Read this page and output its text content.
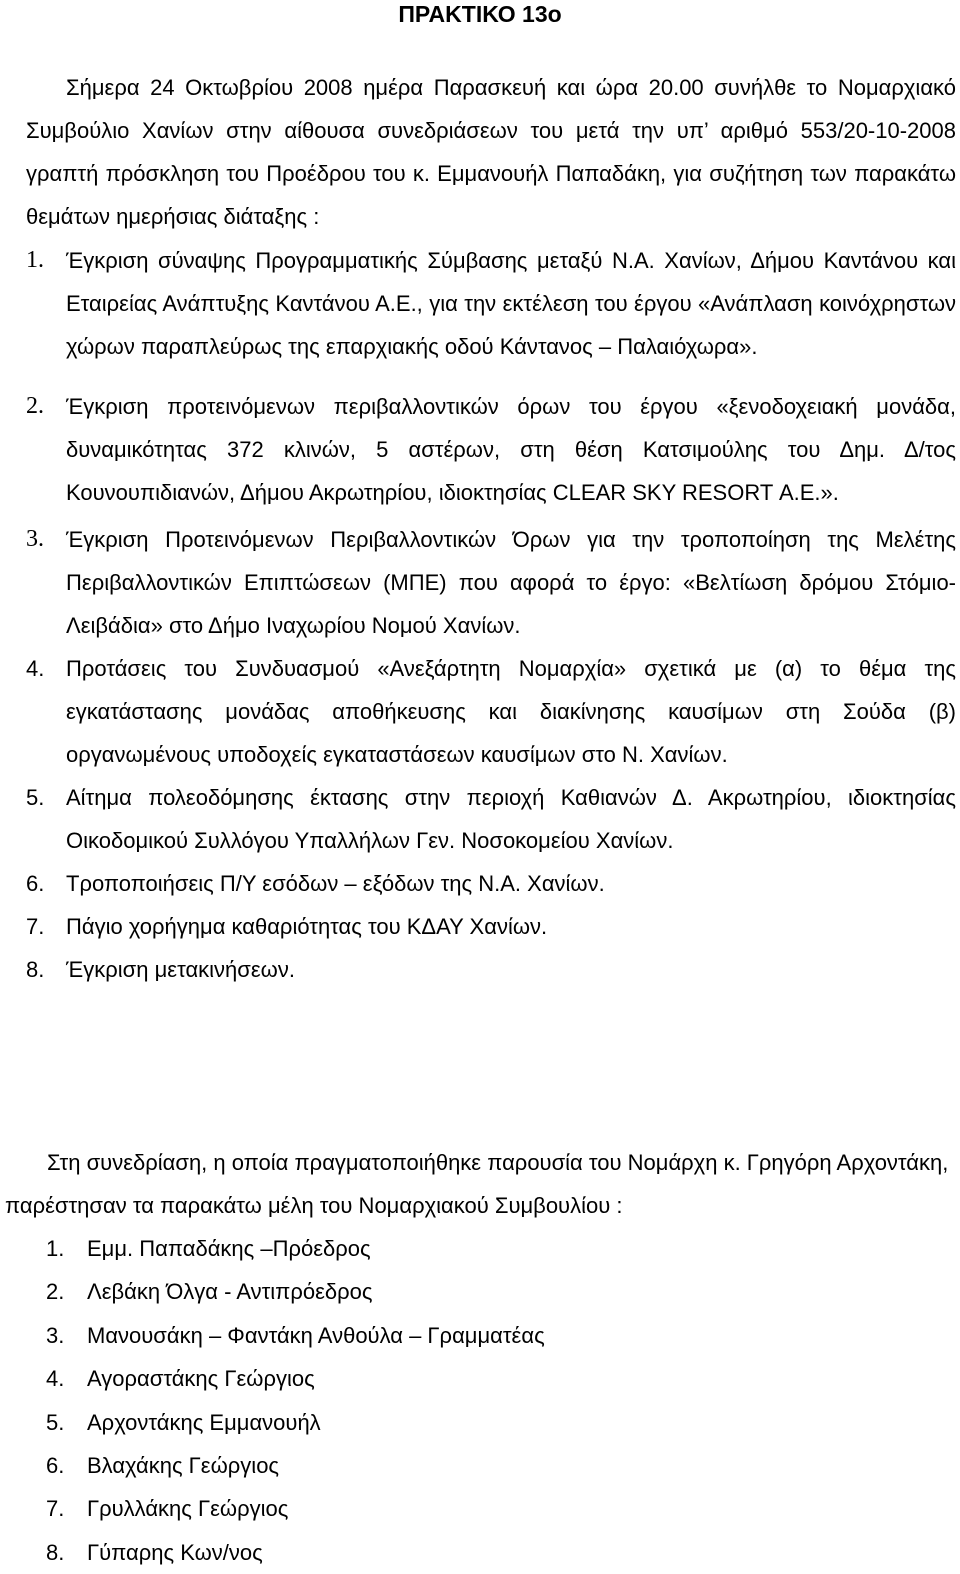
ΠΡΑΚΤΙΚΟ 13ο

Σήμερα 24 Οκτωβρίου 2008 ημέρα Παρασκευή και ώρα 20.00 συνήλθε το Νομαρχιακό Συμβούλιο Χανίων στην αίθουσα συνεδριάσεων του μετά την υπ’ αριθμό 553/20-10-2008 γραπτή πρόσκληση του Προέδρου του κ. Εμμανουήλ Παπαδάκη, για συζήτηση των παρακάτω θεμάτων ημερήσιας διάταξης :

1.	Έγκριση σύναψης Προγραμματικής Σύμβασης μεταξύ Ν.Α. Χανίων, Δήμου Καντάνου και Εταιρείας Ανάπτυξης Καντάνου Α.Ε., για την εκτέλεση του έργου «Ανάπλαση κοινόχρηστων χώρων παραπλεύρως της επαρχιακής οδού Κάντανος – Παλαιόχωρα».
2.	Έγκριση προτεινόμενων περιβαλλοντικών όρων του έργου «ξενοδοχειακή μονάδα, δυναμικότητας 372 κλινών, 5 αστέρων, στη θέση Κατσιμούλης του Δημ. Δ/τος Κουνουπιδιανών, Δήμου Ακρωτηρίου, ιδιοκτησίας CLEAR SKY RESORT Α.Ε.».
3.	Έγκριση Προτεινόμενων Περιβαλλοντικών Όρων για την τροποποίηση της Μελέτης Περιβαλλοντικών Επιπτώσεων (ΜΠΕ) που αφορά το έργο: «Βελτίωση δρόμου Στόμιο-Λειβάδια» στο Δήμο Ιναχωρίου Νομού Χανίων.
4. Προτάσεις του Συνδυασμού «Ανεξάρτητη Νομαρχία» σχετικά με (α) το θέμα της εγκατάστασης μονάδας αποθήκευσης και διακίνησης καυσίμων στη Σούδα (β) οργανωμένους υποδοχείς εγκαταστάσεων καυσίμων στο Ν. Χανίων.
5. Αίτημα πολεοδόμησης έκτασης στην περιοχή Καθιανών Δ. Ακρωτηρίου, ιδιοκτησίας Οικοδομικού Συλλόγου Υπαλλήλων Γεν. Νοσοκομείου Χανίων.
6. Τροποποιήσεις Π/Υ εσόδων – εξόδων της Ν.Α. Χανίων.
7. Πάγιο χορήγημα καθαριότητας του ΚΔΑΥ Χανίων.
8. Έγκριση μετακινήσεων.

Στη συνεδρίαση, η οποία πραγματοποιήθηκε παρουσία του Νομάρχη κ. Γρηγόρη Αρχοντάκη, παρέστησαν τα παρακάτω μέλη του Νομαρχιακού Συμβουλίου :

1.	Εμμ. Παπαδάκης –Πρόεδρος
2.	Λεβάκη Όλγα - Αντιπρόεδρος
3.	Μανουσάκη – Φαντάκη Ανθούλα – Γραμματέας
4.	Αγοραστάκης Γεώργιος
5.	Αρχοντάκης Εμμανουήλ
6.	Βλαχάκης Γεώργιος
7.	Γρυλλάκης Γεώργιος
8.	Γύπαρης Κων/νος
